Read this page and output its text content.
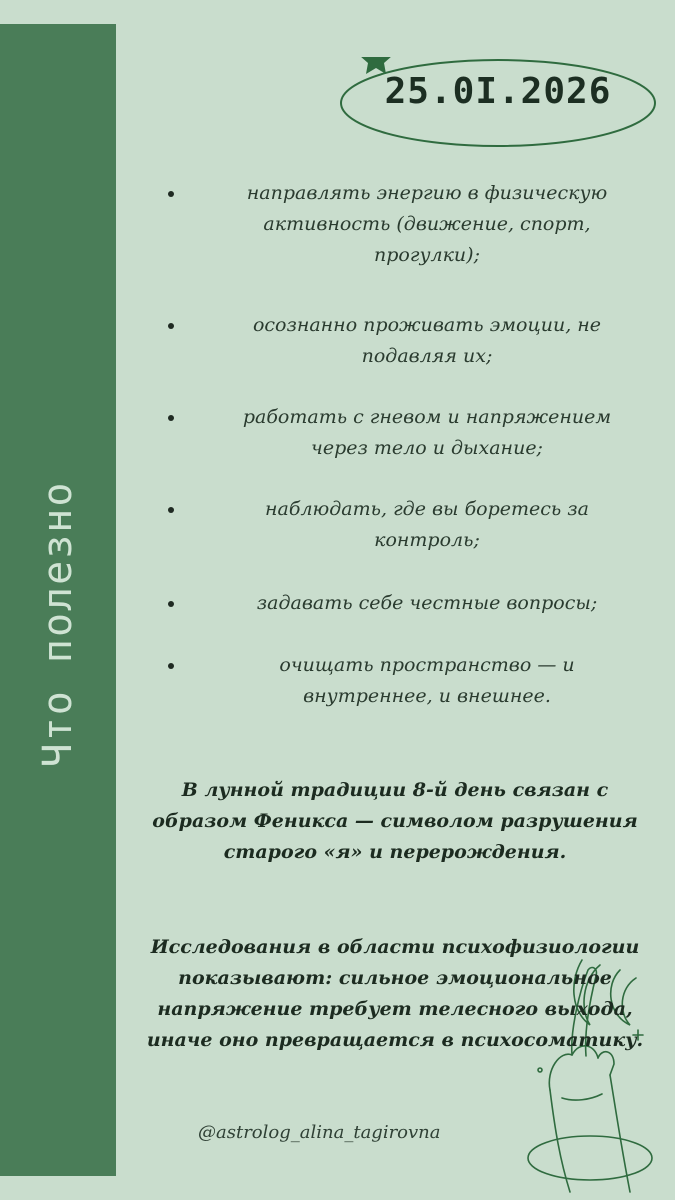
Что полезно
25.0I.2026
направлять энергию в физическую активность (движение, спорт, прогулки);
осознанно проживать эмоции, не подавляя их;
работать с гневом и напряжением через тело и дыхание;
наблюдать, где вы боретесь за контроль;
задавать себе честные вопросы;
очищать пространство — и внутреннее, и внешнее.
В лунной традиции 8-й день связан с образом Феникса — символом разрушения старого «я» и перерождения.
Исследования в области психофизиологии показывают: сильное эмоциональное напряжение требует телесного выхода, иначе оно превращается в психосоматику.
@astrolog_alina_tagirovna
